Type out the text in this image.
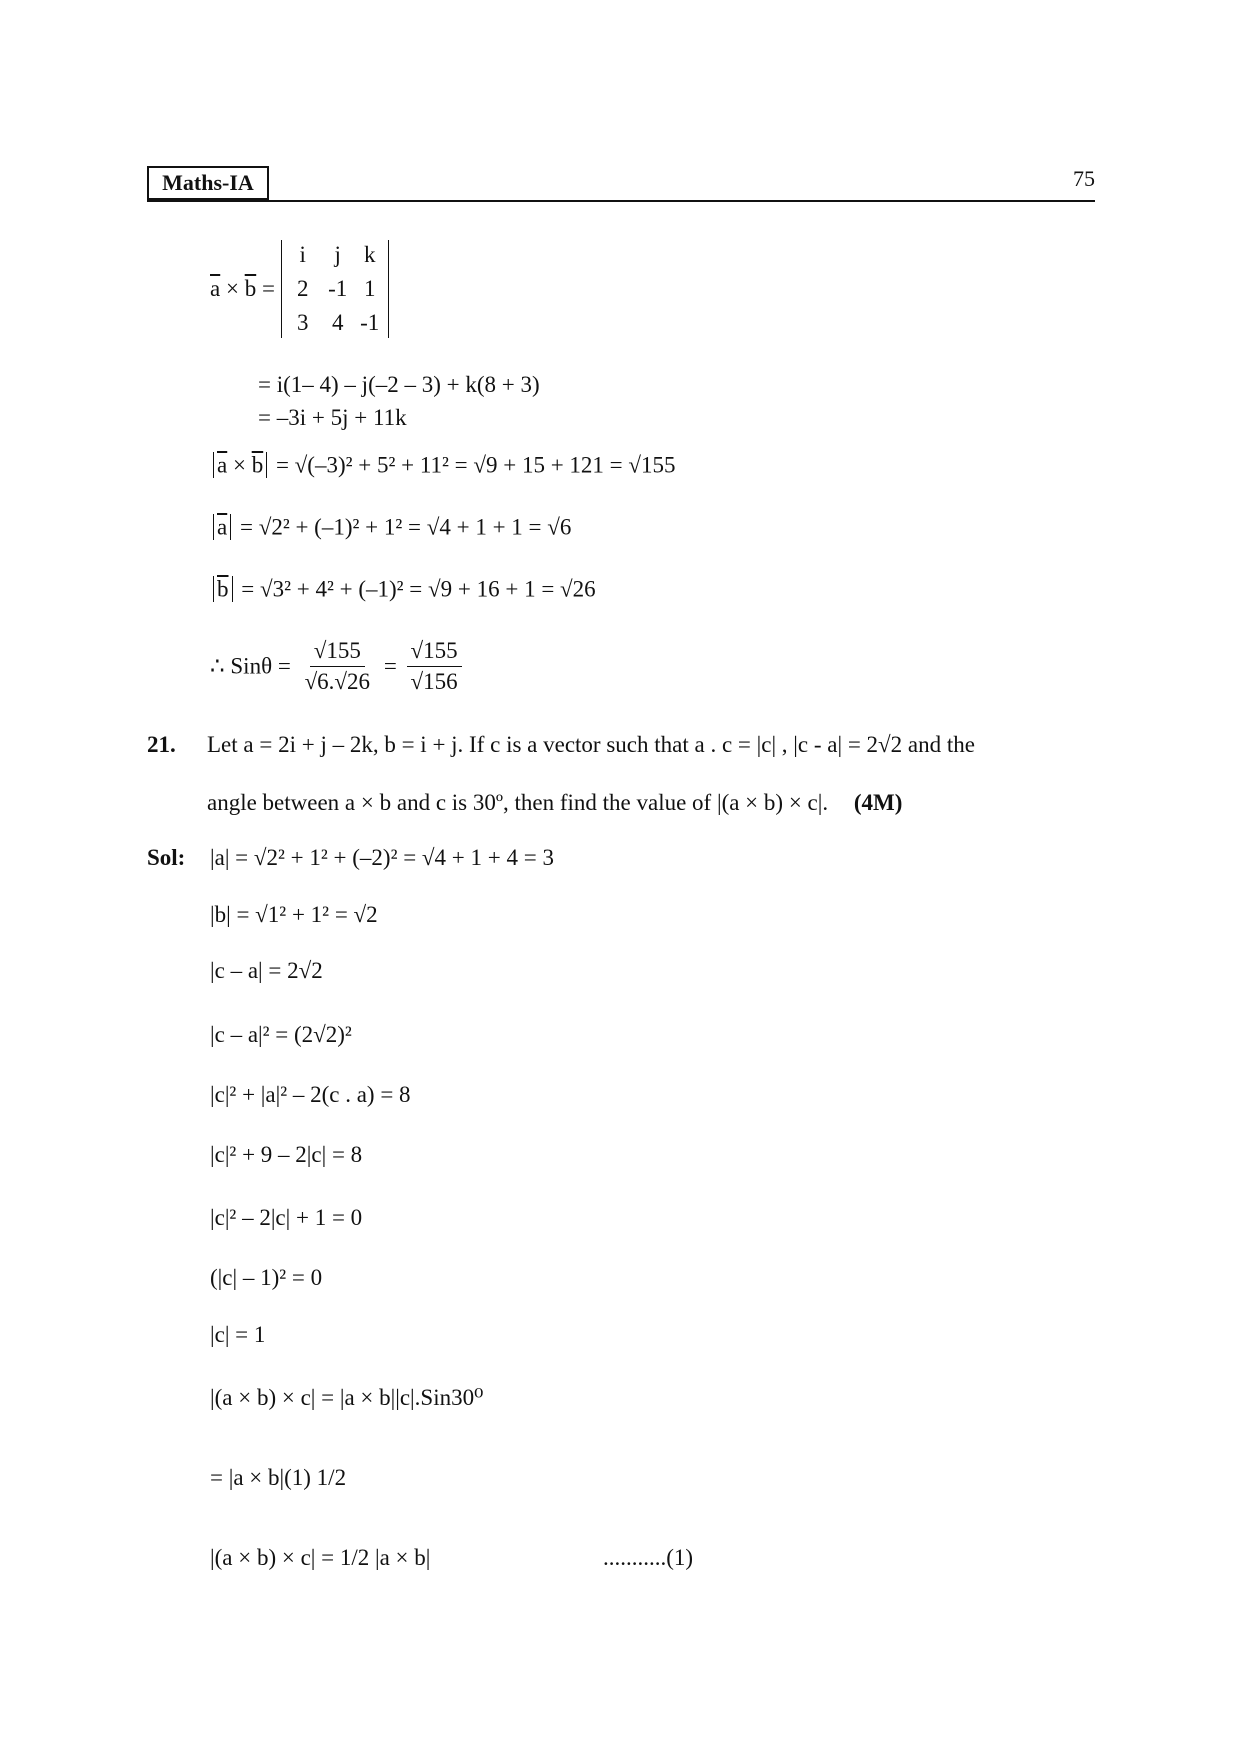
Maths-IA	75
$\overline{a} \times \overline{b}$ =
i	j	k
2 -1 1
3	4 -1
= i(1– 4) – j(–2 – 3) + k(8 + 3)
= –3i + 5j + 11k
$\overline{a} \times \overline{b} = √(-3)^2 + 5^2 + 11^2 = √9 + 15 + 121 = √155$
$\overline{a} = √2^2 + (-1)^2 + 1^2 = √4 + 1 + 1 = √6$
$\overline{b} = √3^2 + 4^2 + (-1)^2 = √9 + 16 + 1 = √26$
∴ $Sin\theta = \frac{√155}{√6.√26} = \frac{√155}{√156}$
21. Let a = 2i + j – 2k, b = i + j. If c is a vector such that a . c = |c| , |c - a| = 2√2 and the
angle between a × b and c is 30º, then find the value of |(a × b) × c|. (4M)
Sol: |a| = √2² + 1² + (–2)² = √4 + 1 + 4 = 3
|b| = √1² + 1² = √2
|c – a| = 2√2
|c – a|² = (2√2)²
|c|² + |a|² – 2(c . a) = 8
|c|² + 9 – 2|c| = 8
|c|² – 2|c| + 1 = 0
(|c| – 1)² = 0
|c| = 1
|(a × b) × c| = |a × b||c|.Sin30⁰
= |a × b|(1) 1/2
|(a × b) × c| = 1/2 |a × b|	...........(1)
